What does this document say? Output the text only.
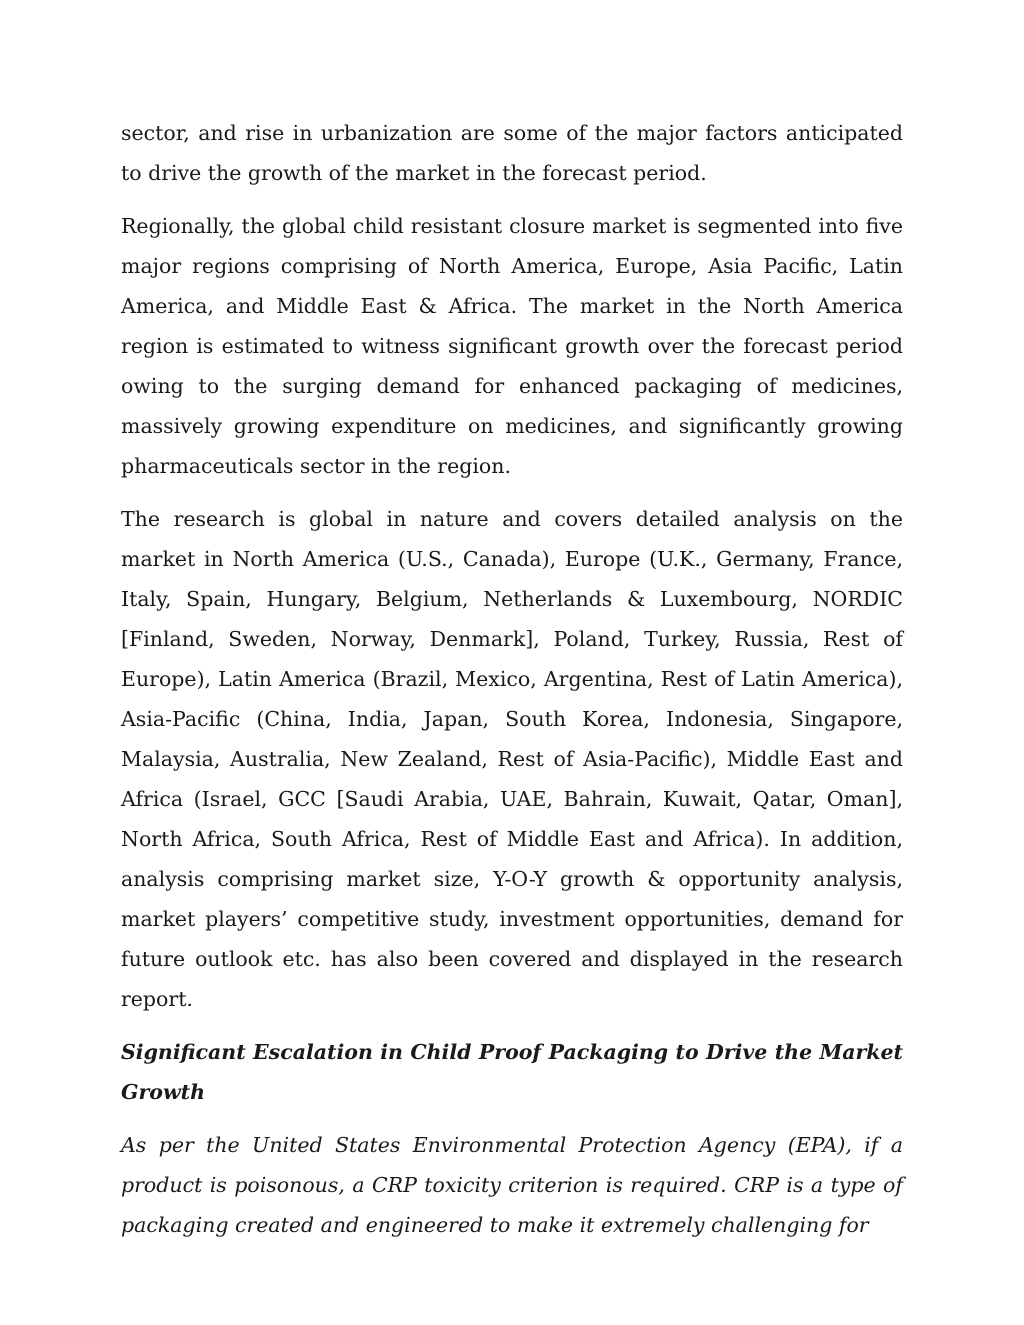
sector, and rise in urbanization are some of the major factors anticipated to drive the growth of the market in the forecast period.

Regionally, the global child resistant closure market is segmented into five major regions comprising of North America, Europe, Asia Pacific, Latin America, and Middle East & Africa. The market in the North America region is estimated to witness significant growth over the forecast period owing to the surging demand for enhanced packaging of medicines, massively growing expenditure on medicines, and significantly growing pharmaceuticals sector in the region.

The research is global in nature and covers detailed analysis on the market in North America (U.S., Canada), Europe (U.K., Germany, France, Italy, Spain, Hungary, Belgium, Netherlands & Luxembourg, NORDIC [Finland, Sweden, Norway, Denmark], Poland, Turkey, Russia, Rest of Europe), Latin America (Brazil, Mexico, Argentina, Rest of Latin America), Asia-Pacific (China, India, Japan, South Korea, Indonesia, Singapore, Malaysia, Australia, New Zealand, Rest of Asia-Pacific), Middle East and Africa (Israel, GCC [Saudi Arabia, UAE, Bahrain, Kuwait, Qatar, Oman], North Africa, South Africa, Rest of Middle East and Africa). In addition, analysis comprising market size, Y-O-Y growth & opportunity analysis, market players’ competitive study, investment opportunities, demand for future outlook etc. has also been covered and displayed in the research report.

Significant Escalation in Child Proof Packaging to Drive the Market Growth

As per the United States Environmental Protection Agency (EPA), if a product is poisonous, a CRP toxicity criterion is required. CRP is a type of packaging created and engineered to make it extremely challenging for
